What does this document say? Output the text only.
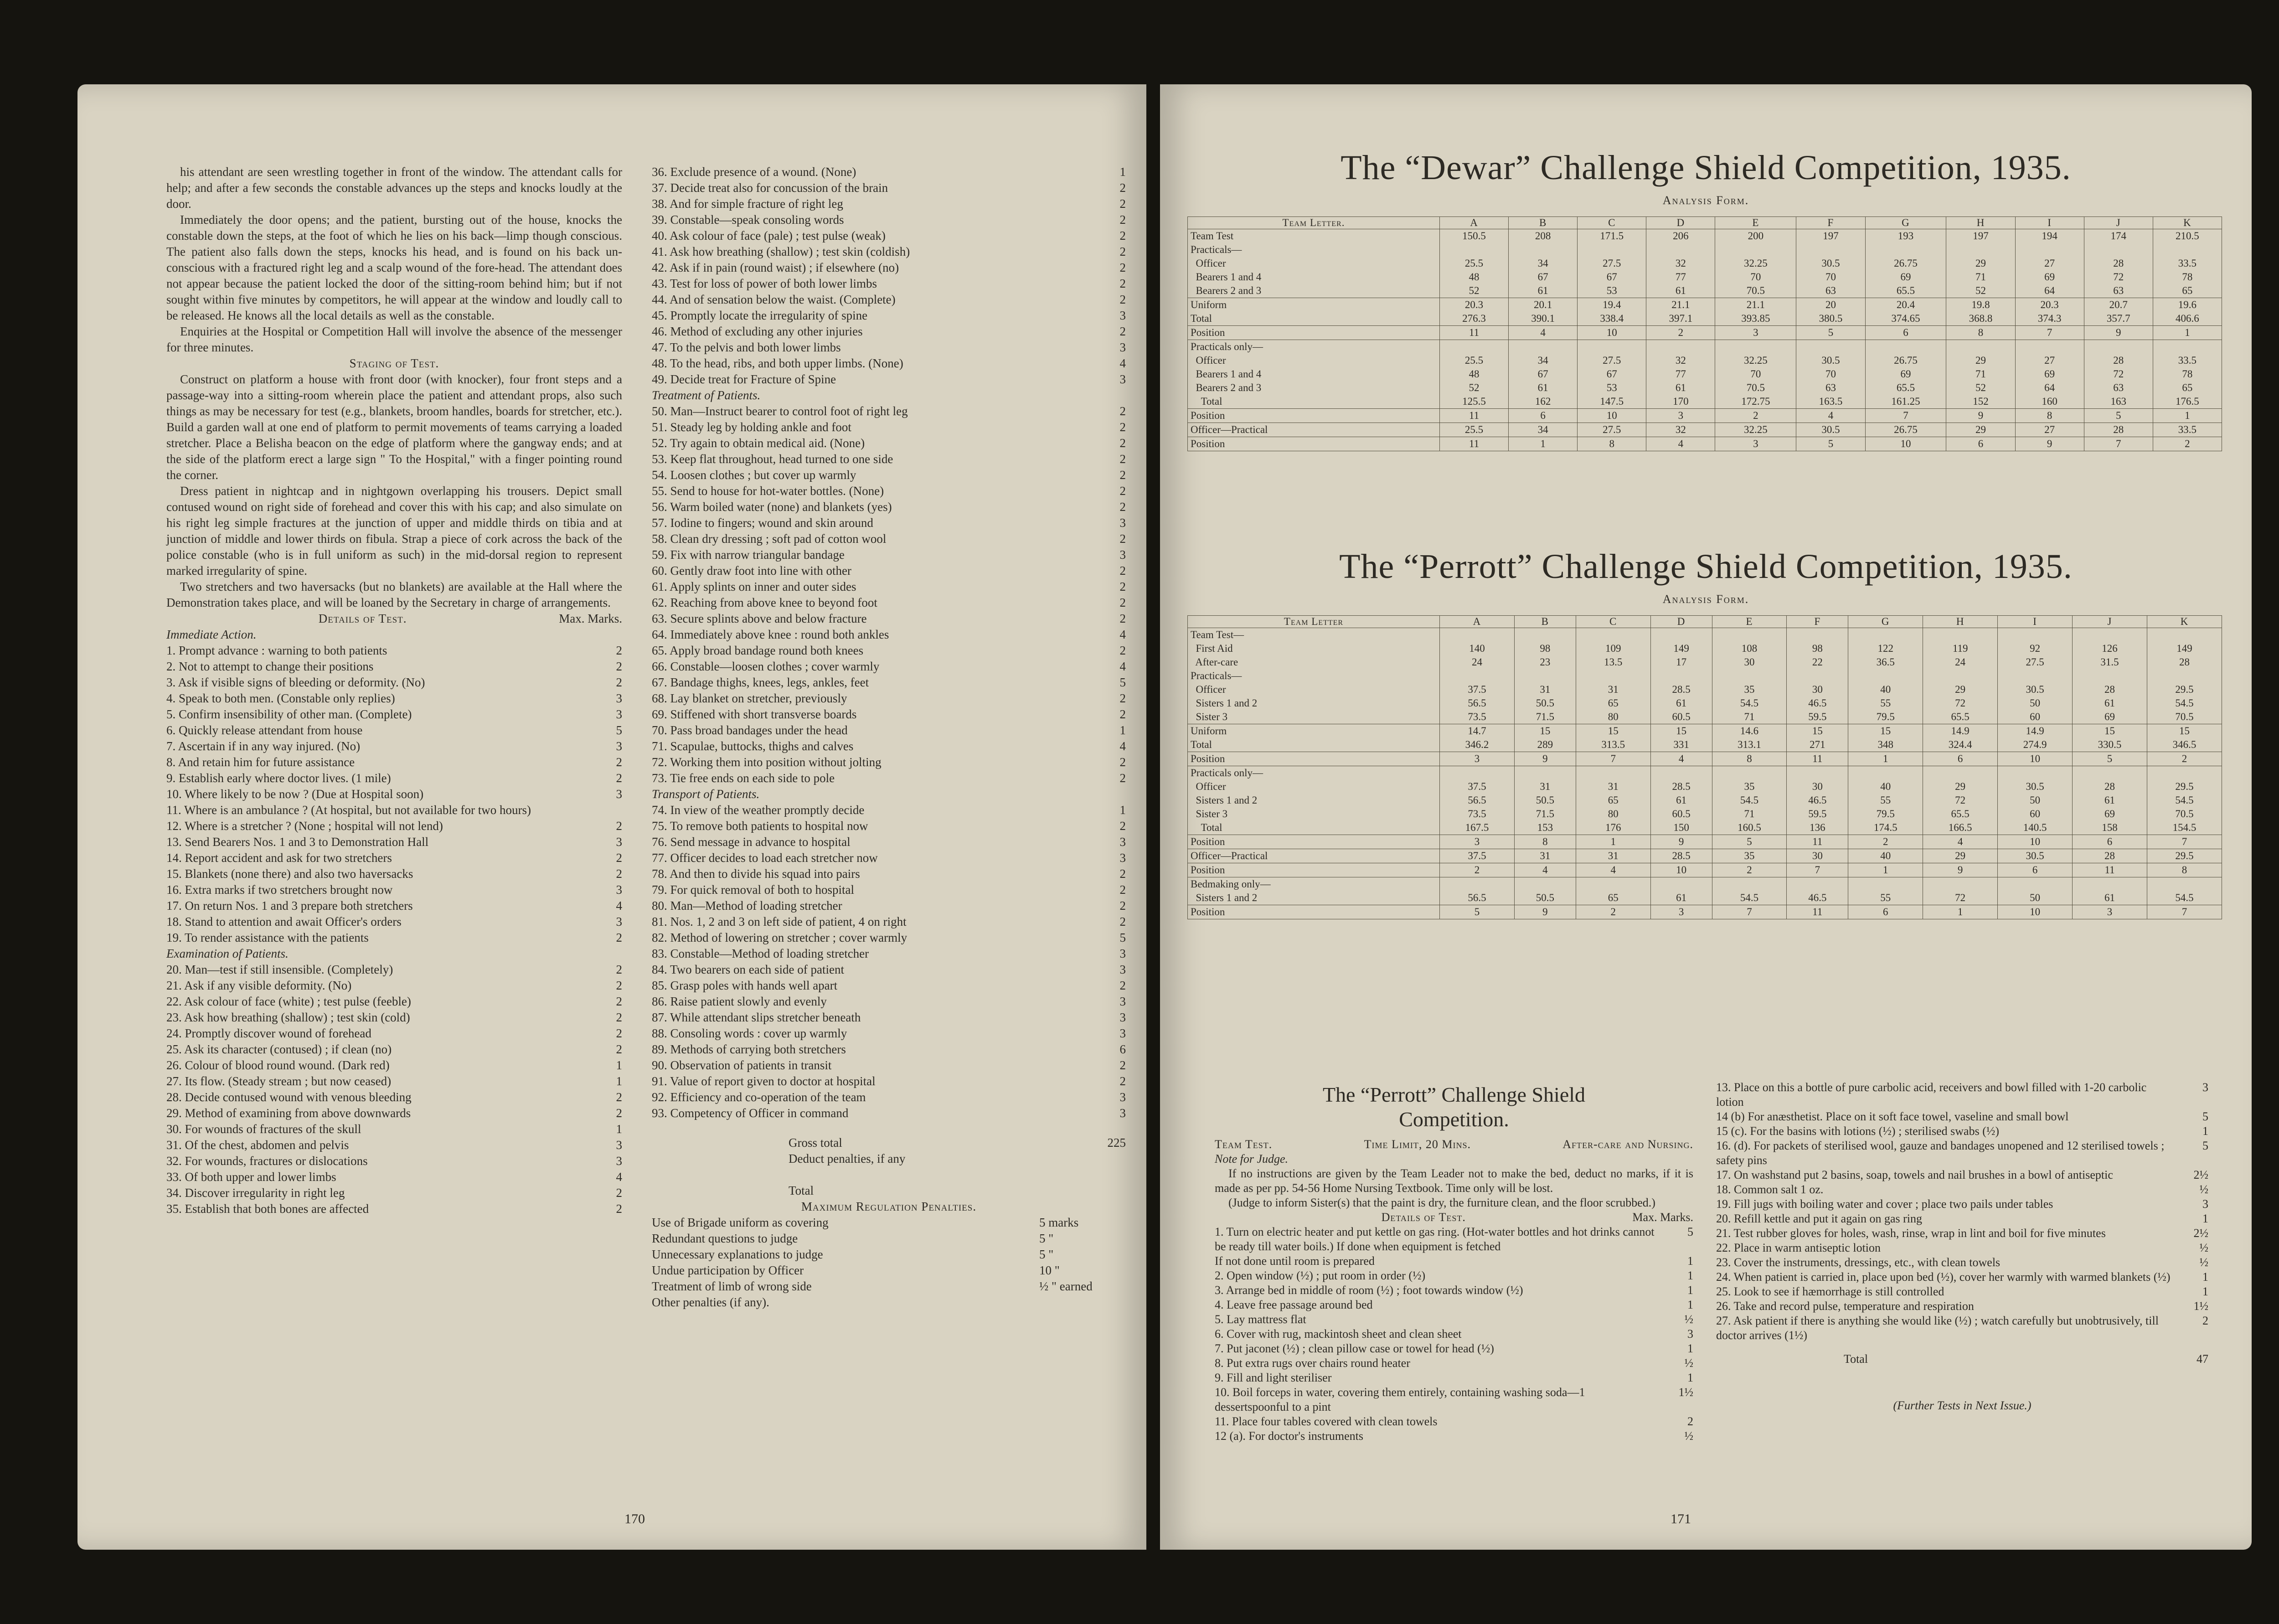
his attendant are seen wrestling together in front of the window. The attendant calls for help; and after a few seconds the constable advances up the steps and knocks loudly at the door.
Immediately the door opens; and the patient, bursting out of the house, knocks the constable down the steps, at the foot of which he lies on his back—limp though conscious. The patient also falls down the steps, knocks his head, and is found on his back un-conscious with a fractured right leg and a scalp wound of the fore-head. The attendant does not appear because the patient locked the door of the sitting-room behind him; but if not sought within five minutes by competitors, he will appear at the window and loudly call to be released. He knows all the local details as well as the constable.
Enquiries at the Hospital or Competition Hall will involve the absence of the messenger for three minutes.
Staging of Test.
Construct on platform a house with front door (with knocker), four front steps and a passage-way into a sitting-room wherein place the patient and attendant props, also such things as may be necessary for test (e.g., blankets, broom handles, boards for stretcher, etc.). Build a garden wall at one end of platform to permit movements of teams carrying a loaded stretcher. Place a Belisha beacon on the edge of platform where the gangway ends; and at the side of the platform erect a large sign " To the Hospital," with a finger pointing round the corner.
Dress patient in nightcap and in nightgown overlapping his trousers. Depict small contused wound on right side of forehead and cover this with his cap; and also simulate on his right leg simple fractures at the junction of upper and middle thirds on tibia and at junction of middle and lower thirds on fibula. Strap a piece of cork across the back of the police constable (who is in full uniform as such) in the mid-dorsal region to represent marked irregularity of spine.
Two stretchers and two haversacks (but no blankets) are available at the Hall where the Demonstration takes place, and will be loaned by the Secretary in charge of arrangements.
Details of Test.	Max. Marks.
Immediate Action.
1. Prompt advance : warning to both patients	2
2. Not to attempt to change their positions	2
3. Ask if visible signs of bleeding or deformity. (No)	2
4. Speak to both men. (Constable only replies)	3
5. Confirm insensibility of other man. (Complete)	3
6. Quickly release attendant from house	5
7. Ascertain if in any way injured. (No)	3
8. And retain him for future assistance	2
9. Establish early where doctor lives. (1 mile)	2
10. Where likely to be now ? (Due at Hospital soon)	3
11. Where is an ambulance ? (At hospital, but not available for two hours)
12. Where is a stretcher ? (None ; hospital will not lend)	2
13. Send Bearers Nos. 1 and 3 to Demonstration Hall	3
14. Report accident and ask for two stretchers	2
15. Blankets (none there) and also two haversacks	2
16. Extra marks if two stretchers brought now	3
17. On return Nos. 1 and 3 prepare both stretchers	4
18. Stand to attention and await Officer's orders	3
19. To render assistance with the patients	2
Examination of Patients.
20. Man—test if still insensible. (Completely)	2
21. Ask if any visible deformity. (No)	2
22. Ask colour of face (white) ; test pulse (feeble)	2
23. Ask how breathing (shallow) ; test skin (cold)	2
24. Promptly discover wound of forehead	2
25. Ask its character (contused) ; if clean (no)	2
26. Colour of blood round wound. (Dark red)	1
27. Its flow. (Steady stream ; but now ceased)	1
28. Decide contused wound with venous bleeding	2
29. Method of examining from above downwards	2
30. For wounds of fractures of the skull	1
31. Of the chest, abdomen and pelvis	3
32. For wounds, fractures or dislocations	3
33. Of both upper and lower limbs	4
34. Discover irregularity in right leg	2
35. Establish that both bones are affected	2
36. Exclude presence of a wound. (None)	1
37. Decide treat also for concussion of the brain	2
38. And for simple fracture of right leg	2
39. Constable—speak consoling words	2
40. Ask colour of face (pale) ; test pulse (weak)	2
41. Ask how breathing (shallow) ; test skin (coldish)	2
42. Ask if in pain (round waist) ; if elsewhere (no)	2
43. Test for loss of power of both lower limbs	2
44. And of sensation below the waist. (Complete)	2
45. Promptly locate the irregularity of spine	3
46. Method of excluding any other injuries	2
47. To the pelvis and both lower limbs	3
48. To the head, ribs, and both upper limbs. (None)	4
49. Decide treat for Fracture of Spine	3
Treatment of Patients.
50. Man—Instruct bearer to control foot of right leg	2
51. Steady leg by holding ankle and foot	2
52. Try again to obtain medical aid. (None)	2
53. Keep flat throughout, head turned to one side	2
54. Loosen clothes ; but cover up warmly	2
55. Send to house for hot-water bottles. (None)	2
56. Warm boiled water (none) and blankets (yes)	2
57. Iodine to fingers; wound and skin around	3
58. Clean dry dressing ; soft pad of cotton wool	2
59. Fix with narrow triangular bandage	3
60. Gently draw foot into line with other	2
61. Apply splints on inner and outer sides	2
62. Reaching from above knee to beyond foot	2
63. Secure splints above and below fracture	2
64. Immediately above knee : round both ankles	4
65. Apply broad bandage round both knees	2
66. Constable—loosen clothes ; cover warmly	4
67. Bandage thighs, knees, legs, ankles, feet	5
68. Lay blanket on stretcher, previously	2
69. Stiffened with short transverse boards	2
70. Pass broad bandages under the head	1
71. Scapulae, buttocks, thighs and calves	4
72. Working them into position without jolting	2
73. Tie free ends on each side to pole	2
Transport of Patients.
74. In view of the weather promptly decide	1
75. To remove both patients to hospital now	2
76. Send message in advance to hospital	3
77. Officer decides to load each stretcher now	3
78. And then to divide his squad into pairs	2
79. For quick removal of both to hospital	2
80. Man—Method of loading stretcher	2
81. Nos. 1, 2 and 3 on left side of patient, 4 on right	2
82. Method of lowering on stretcher ; cover warmly	5
83. Constable—Method of loading stretcher	3
84. Two bearers on each side of patient	3
85. Grasp poles with hands well apart	2
86. Raise patient slowly and evenly	3
87. While attendant slips stretcher beneath	3
88. Consoling words : cover up warmly	3
89. Methods of carrying both stretchers	6
90. Observation of patients in transit	2
91. Value of report given to doctor at hospital	2
92. Efficiency and co-operation of the team	3
93. Competency of Officer in command	3
Gross total	225
Deduct penalties, if any
Total
Maximum Regulation Penalties.
Use of Brigade uniform as covering	5 marks
Redundant questions to judge	5 "
Unnecessary explanations to judge	5 "
Undue participation by Officer	10 "
Treatment of limb of wrong side	½ " earned
Other penalties (if any).
170
The “Dewar” Challenge Shield Competition, 1935.
Analysis Form.
Team Letter.	A	B	C	D	E	F	G	H	I	J	K
Team Test	150.5	208	171.5	206	200	197	193	197	194	174	210.5
Practicals—											
Officer	25.5	34	27.5	32	32.25	30.5	26.75	29	27	28	33.5
Bearers 1 and 4	48	67	67	77	70	70	69	71	69	72	78
Bearers 2 and 3	52	61	53	61	70.5	63	65.5	52	64	63	65
Uniform	20.3	20.1	19.4	21.1	21.1	20	20.4	19.8	20.3	20.7	19.6
Total	276.3	390.1	338.4	397.1	393.85	380.5	374.65	368.8	374.3	357.7	406.6
Position	11	4	10	2	3	5	6	8	7	9	1
Practicals only—											
Officer	25.5	34	27.5	32	32.25	30.5	26.75	29	27	28	33.5
Bearers 1 and 4	48	67	67	77	70	70	69	71	69	72	78
Bearers 2 and 3	52	61	53	61	70.5	63	65.5	52	64	63	65
Total	125.5	162	147.5	170	172.75	163.5	161.25	152	160	163	176.5
Position	11	6	10	3	2	4	7	9	8	5	1
Officer—Practical	25.5	34	27.5	32	32.25	30.5	26.75	29	27	28	33.5
Position	11	1	8	4	3	5	10	6	9	7	2
The “Perrott” Challenge Shield Competition, 1935.
Analysis Form.
Team Letter	A	B	C	D	E	F	G	H	I	J	K
Team Test—											
First Aid	140	98	109	149	108	98	122	119	92	126	149
After-care	24	23	13.5	17	30	22	36.5	24	27.5	31.5	28
Practicals—											
Officer	37.5	31	31	28.5	35	30	40	29	30.5	28	29.5
Sisters 1 and 2	56.5	50.5	65	61	54.5	46.5	55	72	50	61	54.5
Sister 3	73.5	71.5	80	60.5	71	59.5	79.5	65.5	60	69	70.5
Uniform	14.7	15	15	15	14.6	15	15	14.9	14.9	15	15
Total	346.2	289	313.5	331	313.1	271	348	324.4	274.9	330.5	346.5
Position	3	9	7	4	8	11	1	6	10	5	2
Practicals only—											
Officer	37.5	31	31	28.5	35	30	40	29	30.5	28	29.5
Sisters 1 and 2	56.5	50.5	65	61	54.5	46.5	55	72	50	61	54.5
Sister 3	73.5	71.5	80	60.5	71	59.5	79.5	65.5	60	69	70.5
Total	167.5	153	176	150	160.5	136	174.5	166.5	140.5	158	154.5
Position	3	8	1	9	5	11	2	4	10	6	7
Officer—Practical	37.5	31	31	28.5	35	30	40	29	30.5	28	29.5
Position	2	4	4	10	2	7	1	9	6	11	8
Bedmaking only—											
Sisters 1 and 2	56.5	50.5	65	61	54.5	46.5	55	72	50	61	54.5
Position	5	9	2	3	7	11	6	1	10	3	7
The “Perrott” Challenge Shield
Competition.
Team Test.	Time Limit, 20 Mins.	After-care and Nursing.
Note for Judge.
If no instructions are given by the Team Leader not to make the bed, deduct no marks, if it is made as per pp. 54-56 Home Nursing Textbook. Time only will be lost.
(Judge to inform Sister(s) that the paint is dry, the furniture clean, and the floor scrubbed.)
Details of Test.	Max. Marks.
1. Turn on electric heater and put kettle on gas ring. (Hot-water bottles and hot drinks cannot be ready till water boils.) If done when equipment is fetched
5
If not done until room is prepared	1
2. Open window (½) ; put room in order (½)	1
3. Arrange bed in middle of room (½) ; foot towards window (½)	1
4. Leave free passage around bed	1
5. Lay mattress flat	½
6. Cover with rug, mackintosh sheet and clean sheet	3
7. Put jaconet (½) ; clean pillow case or towel for head (½)	1
8. Put extra rugs over chairs round heater	½
9. Fill and light steriliser	1
10. Boil forceps in water, covering them entirely, containing washing soda—1 dessertspoonful to a pint
1½
11. Place four tables covered with clean towels	2
12 (a). For doctor's instruments	½
13. Place on this a bottle of pure carbolic acid, receivers and bowl filled with 1-20 carbolic lotion
3
14 (b) For anæsthetist. Place on it soft face towel, vaseline and small bowl	5
15 (c). For the basins with lotions (½) ; sterilised swabs (½)	1
16. (d). For packets of sterilised wool, gauze and bandages unopened and 12 sterilised towels ; safety pins
5
17. On washstand put 2 basins, soap, towels and nail brushes in a bowl of antiseptic	2½
18. Common salt 1 oz.	½
19. Fill jugs with boiling water and cover ; place two pails under tables	3
20. Refill kettle and put it again on gas ring	1
21. Test rubber gloves for holes, wash, rinse, wrap in lint and boil for five minutes	2½
22. Place in warm antiseptic lotion	½
23. Cover the instruments, dressings, etc., with clean towels	½
24. When patient is carried in, place upon bed (½), cover her warmly with warmed blankets (½)	1
25. Look to see if hæmorrhage is still controlled	1
26. Take and record pulse, temperature and respiration	1½
27. Ask patient if there is anything she would like (½) ; watch carefully but unobtrusively, till doctor arrives (1½)
2
Total	47
(Further Tests in Next Issue.)
171
